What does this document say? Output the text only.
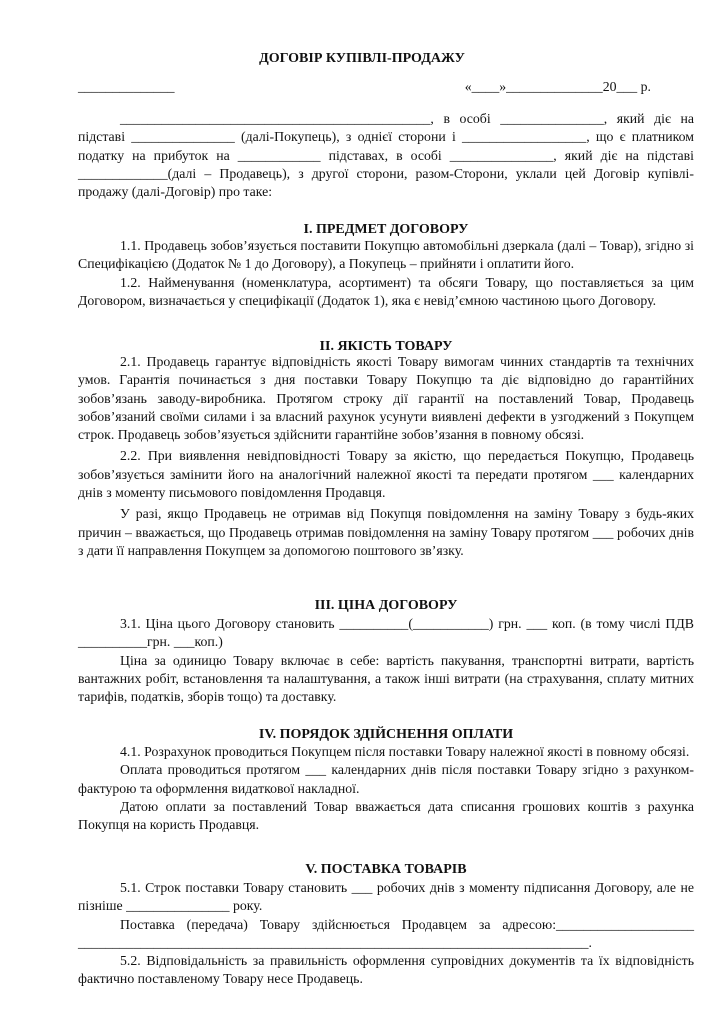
ДОГОВІР КУПІВЛІ-ПРОДАЖУ
______________	«____»______________20___ р.

_____________________________________________, в особі _______________, який діє на підставі _______________ (далі-Покупець), з однієї сторони і __________________, що є платником податку на прибуток на ____________ підставах, в особі _______________, який діє на підставі _____________(далі – Продавець), з другої сторони, разом-Сторони, уклали цей Договір купівлі-продажу (далі-Договір) про таке:

І. ПРЕДМЕТ ДОГОВОРУ

1.1. Продавець зобов’язується поставити Покупцю автомобільні дзеркала (далі – Товар), згідно зі Специфікацією (Додаток № 1 до Договору), а Покупець – прийняти і оплатити його.

1.2. Найменування (номенклатура, асортимент) та обсяги Товару, що поставляється за цим Договором, визначається у специфікації (Додаток 1), яка є невід’ємною частиною цього Договору.

ІІ. ЯКІСТЬ ТОВАРУ

2.1. Продавець гарантує відповідність якості Товару вимогам чинних стандартів та технічних умов. Гарантія починається з дня поставки Товару Покупцю та діє відповідно до гарантійних зобов’язань заводу-виробника. Протягом строку дії гарантії на поставлений Товар, Продавець зобов’язаний своїми силами і за власний рахунок усунути виявлені дефекти в узгоджений з Покупцем строк. Продавець зобов’язується здійснити гарантійне зобов’язання в повному обсязі.

2.2. При виявлення невідповідності Товару за якістю, що передається Покупцю, Продавець зобов’язується замінити його на аналогічний належної якості та передати протягом ___ календарних днів з моменту письмового повідомлення Продавця.

У разі, якщо Продавець не отримав від Покупця повідомлення на заміну Товару з будь-яких причин – вважається, що Продавець отримав повідомлення на заміну Товару протягом ___ робочих днів з дати її направлення Покупцем за допомогою поштового зв’язку.

ІІІ. ЦІНА ДОГОВОРУ

3.1. Ціна цього Договору становить __________(___________) грн. ___ коп. (в тому числі ПДВ __________грн. ___коп.)

Ціна за одиницю Товару включає в себе: вартість пакування, транспортні витрати, вартість вантажних робіт, встановлення та налаштування, а також інші витрати (на страхування, сплату митних тарифів, податків, зборів тощо) та доставку.

ІV. ПОРЯДОК ЗДІЙСНЕННЯ ОПЛАТИ

4.1. Розрахунок проводиться Покупцем після поставки Товару належної якості в повному обсязі.

Оплата проводиться протягом ___ календарних днів після поставки Товару згідно з рахунком-фактурою та оформлення видаткової накладної.

Датою оплати за поставлений Товар вважається дата списання грошових коштів з рахунка Покупця на користь Продавця.

V. ПОСТАВКА ТОВАРІВ

5.1. Строк поставки Товару становить ___ робочих днів з моменту підписання Договору, але не пізніше _______________ року.

Поставка (передача) Товару здійснюється Продавцем за адресою:____________________ __________________________________________________________________________.

5.2. Відповідальність за правильність оформлення супровідних документів та їх відповідність фактично поставленому Товару несе Продавець.
